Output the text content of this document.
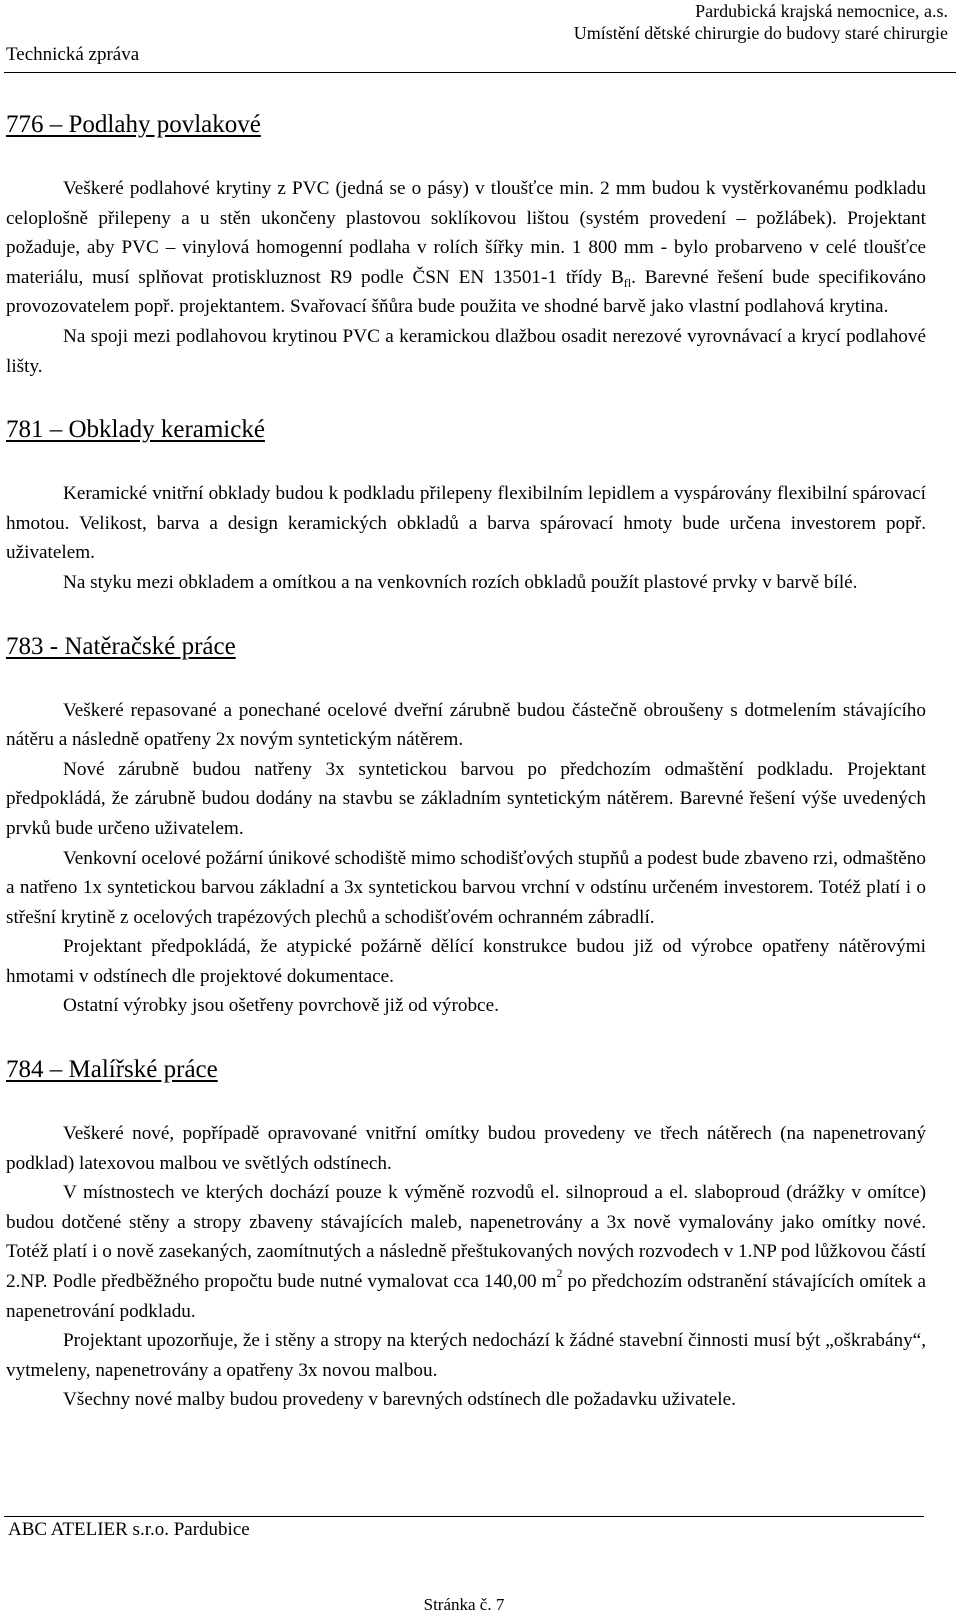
Technická zpráva
Pardubická krajská nemocnice, a.s.
Umístění dětské chirurgie do budovy staré chirurgie
776 – Podlahy povlakové

Veškeré podlahové krytiny z PVC (jedná se o pásy) v tloušťce min. 2 mm budou k vystěrkovanému podkladu celoplošně přilepeny a u stěn ukončeny plastovou soklíkovou lištou (systém provedení – požlábek). Projektant požaduje, aby PVC – vinylová homogenní podlaha v rolích šířky min. 1 800 mm - bylo probarveno v celé tloušťce materiálu, musí splňovat protiskluznost R9 podle ČSN EN 13501-1 třídy $B_{fl}$. Barevné řešení bude specifikováno provozovatelem popř. projektantem. Svařovací šňůra bude použita ve shodné barvě jako vlastní podlahová krytina.

Na spoji mezi podlahovou krytinou PVC a keramickou dlažbou osadit nerezové vyrovnávací a krycí podlahové lišty.

781 – Obklady keramické

Keramické vnitřní obklady budou k podkladu přilepeny flexibilním lepidlem a vyspárovány flexibilní spárovací hmotou. Velikost, barva a design keramických obkladů a barva spárovací hmoty bude určena investorem popř. uživatelem.

Na styku mezi obkladem a omítkou a na venkovních rozích obkladů použít plastové prvky v barvě bílé.

783 - Natěračské práce

Veškeré repasované a ponechané ocelové dveřní zárubně budou částečně obroušeny s dotmelením stávajícího nátěru a následně opatřeny 2x novým syntetickým nátěrem.

Nové zárubně budou natřeny 3x syntetickou barvou po předchozím odmaštění podkladu. Projektant předpokládá, že zárubně budou dodány na stavbu se základním syntetickým nátěrem. Barevné řešení výše uvedených prvků bude určeno uživatelem.

Venkovní ocelové požární únikové schodiště mimo schodišťových stupňů a podest bude zbaveno rzi, odmaštěno a natřeno 1x syntetickou barvou základní a 3x syntetickou barvou vrchní v odstínu určeném investorem. Totéž platí i o střešní krytině z ocelových trapézových plechů a schodišťovém ochranném zábradlí.

Projektant předpokládá, že atypické požárně dělící konstrukce budou již od výrobce opatřeny nátěrovými hmotami v odstínech dle projektové dokumentace.

Ostatní výrobky jsou ošetřeny povrchově již od výrobce.

784 – Malířské práce

Veškeré nové, popřípadě opravované vnitřní omítky budou provedeny ve třech nátěrech (na napenetrovaný podklad) latexovou malbou ve světlých odstínech.

V místnostech ve kterých dochází pouze k výměně rozvodů el. silnoproud a el. slaboproud (drážky v omítce) budou dotčené stěny a stropy zbaveny stávajících maleb, napenetrovány a 3x nově vymalovány jako omítky nové. Totéž platí i o nově zasekaných, zaomítnutých a následně přeštukovaných nových rozvodech v 1.NP pod lůžkovou částí 2.NP. Podle předběžného propočtu bude nutné vymalovat cca 140,00 $m^2$ po předchozím odstranění stávajících omítek a napenetrování podkladu.

Projektant upozorňuje, že i stěny a stropy na kterých nedochází k žádné stavební činnosti musí být „oškrabány“, vytmeleny, napenetrovány a opatřeny 3x novou malbou.

Všechny nové malby budou provedeny v barevných odstínech dle požadavku uživatele.

ABC ATELIER s.r.o. Pardubice
Stránka č. 7
